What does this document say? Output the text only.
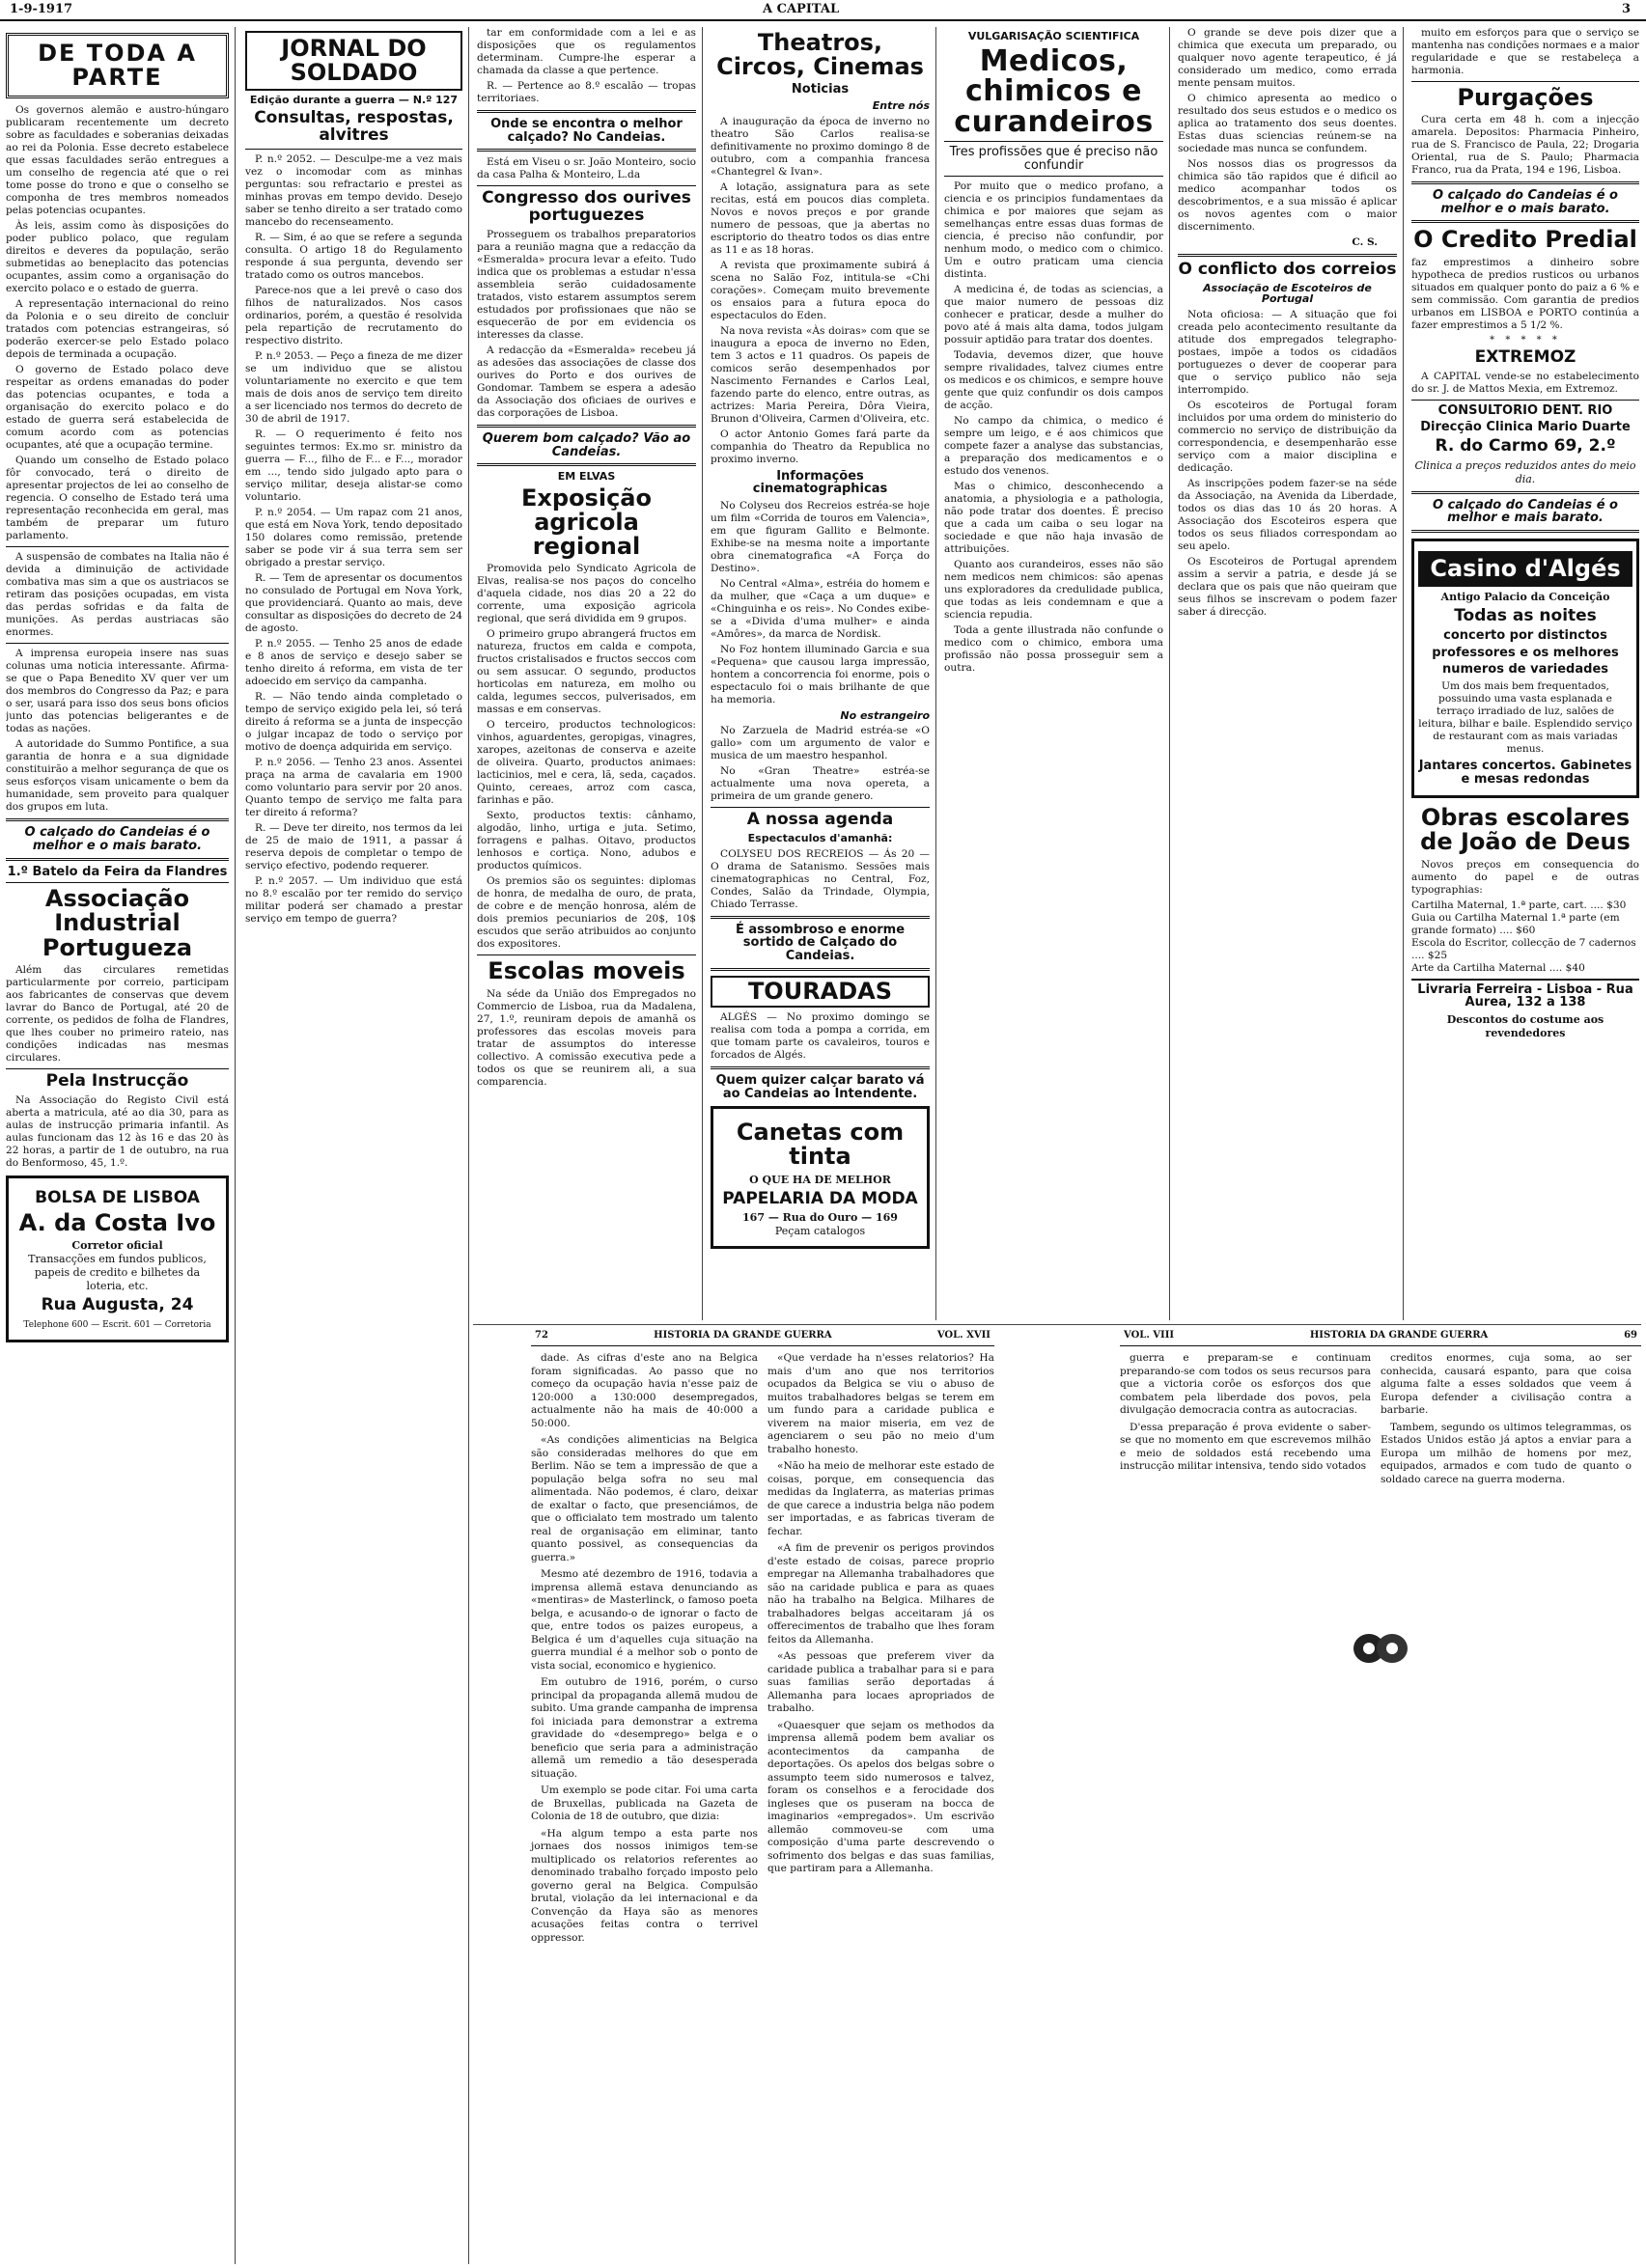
1-9-1917	A CAPITAL	3
DE TODA A PARTE

Os governos alemão e austro-húngaro publicaram recentemente um decreto sobre as faculdades e soberanias deixadas ao rei da Polonia. Esse decreto estabelece que essas faculdades serão entregues a um conselho de regencia até que o rei tome posse do trono e que o conselho se componha de tres membros nomeados pelas potencias ocupantes.

Às leis, assim como às disposições do poder publico polaco, que regulam direitos e deveres da população, serão submetidas ao beneplacito das potencias ocupantes, assim como a organisação do exercito polaco e o estado de guerra.

A representação internacional do reino da Polonia e o seu direito de concluir tratados com potencias estrangeiras, só poderão exercer-se pelo Estado polaco depois de terminada a ocupação.

O governo de Estado polaco deve respeitar as ordens emanadas do poder das potencias ocupantes, e toda a organisação do exercito polaco e do estado de guerra será estabelecida de comum acordo com as potencias ocupantes, até que a ocupação termine.

Quando um conselho de Estado polaco fôr convocado, terá o direito de apresentar projectos de lei ao conselho de regencia. O conselho de Estado terá uma representação reconhecida em geral, mas também de preparar um futuro parlamento.

A suspensão de combates na Italia não é devida a diminuição de actividade combativa mas sim a que os austriacos se retiram das posições ocupadas, em vista das perdas sofridas e da falta de munições. As perdas austriacas são enormes.

A imprensa europeia insere nas suas colunas uma noticia interessante. Afirma-se que o Papa Benedito XV quer ver um dos membros do Congresso da Paz; e para o ser, usará para isso dos seus bons oficios junto das potencias beligerantes e de todas as nações.

A autoridade do Summo Pontifice, a sua garantia de honra e a sua dignidade constituirão a melhor segurança de que os seus esforços visam unicamente o bem da humanidade, sem proveito para qualquer dos grupos em luta.

O calçado do Candeias é o melhor e o mais barato.
1.º Batelo da Feira da Flandres
Associação Industrial Portugueza

Além das circulares remetidas particularmente por correio, participam aos fabricantes de conservas que devem lavrar do Banco de Portugal, até 20 de corrente, os pedidos de folha de Flandres, que lhes couber no primeiro rateio, nas condições indicadas nas mesmas circulares.

Pela Instrucção

Na Associação do Registo Civil está aberta a matricula, até ao dia 30, para as aulas de instrucção primaria infantil. As aulas funcionam das 12 às 16 e das 20 às 22 horas, a partir de 1 de outubro, na rua do Benformoso, 45, 1.º.

BOLSA DE LISBOA
A. da Costa Ivo
Corretor oficial
Transacções em fundos publicos, papeis de credito e bilhetes da loteria, etc.
Rua Augusta, 24
Telephone 600 — Escrit. 601 — Corretoria
JORNAL DO SOLDADO
Edição durante a guerra — N.º 127
Consultas, respostas, alvitres

P. n.º 2052. — Desculpe-me a vez mais vez o incomodar com as minhas perguntas: sou refractario e prestei as minhas provas em tempo devido. Desejo saber se tenho direito a ser tratado como mancebo do recenseamento.

R. — Sim, é ao que se refere a segunda consulta. O artigo 18 do Regulamento responde á sua pergunta, devendo ser tratado como os outros mancebos.

Parece-nos que a lei prevê o caso dos filhos de naturalizados. Nos casos ordinarios, porém, a questão é resolvida pela repartição de recrutamento do respectivo distrito.

P. n.º 2053. — Peço a fineza de me dizer se um individuo que se alistou voluntariamente no exercito e que tem mais de dois anos de serviço tem direito a ser licenciado nos termos do decreto de 30 de abril de 1917.

R. — O requerimento é feito nos seguintes termos: Ex.mo sr. ministro da guerra — F..., filho de F... e F..., morador em ..., tendo sido julgado apto para o serviço militar, deseja alistar-se como voluntario.

P. n.º 2054. — Um rapaz com 21 anos, que está em Nova York, tendo depositado 150 dolares como remissão, pretende saber se pode vir á sua terra sem ser obrigado a prestar serviço.

R. — Tem de apresentar os documentos no consulado de Portugal em Nova York, que providenciará. Quanto ao mais, deve consultar as disposições do decreto de 24 de agosto.

P. n.º 2055. — Tenho 25 anos de edade e 8 anos de serviço e desejo saber se tenho direito á reforma, em vista de ter adoecido em serviço da campanha.

R. — Não tendo ainda completado o tempo de serviço exigido pela lei, só terá direito á reforma se a junta de inspecção o julgar incapaz de todo o serviço por motivo de doença adquirida em serviço.

P. n.º 2056. — Tenho 23 anos. Assentei praça na arma de cavalaria em 1900 como voluntario para servir por 20 anos. Quanto tempo de serviço me falta para ter direito á reforma?

R. — Deve ter direito, nos termos da lei de 25 de maio de 1911, a passar á reserva depois de completar o tempo de serviço efectivo, podendo requerer.

P. n.º 2057. — Um individuo que está no 8.º escalão por ter remido do serviço militar poderá ser chamado a prestar serviço em tempo de guerra?

tar em conformidade com a lei e as disposições que os regulamentos determinam. Cumpre-lhe esperar a chamada da classe a que pertence.

R. — Pertence ao 8.º escalão — tropas territoriaes.

Onde se encontra o melhor calçado? No Candeias.

Está em Viseu o sr. João Monteiro, socio da casa Palha & Monteiro, L.da

Congresso dos ourives portuguezes

Prosseguem os trabalhos preparatorios para a reunião magna que a redacção da «Esmeralda» procura levar a efeito. Tudo indica que os problemas a estudar n'essa assembleia serão cuidadosamente tratados, visto estarem assumptos serem estudados por profissionaes que não se esquecerão de por em evidencia os interesses da classe.

A redacção da «Esmeralda» recebeu já as adesões das associações de classe dos ourives do Porto e dos ourives de Gondomar. Tambem se espera a adesão da Associação dos oficiaes de ourives e das corporações de Lisboa.

Querem bom calçado? Vão ao Candeias.
EM ELVAS
Exposição agricola regional

Promovida pelo Syndicato Agricola de Elvas, realisa-se nos paços do concelho d'aquela cidade, nos dias 20 a 22 do corrente, uma exposição agricola regional, que será dividida em 9 grupos.

O primeiro grupo abrangerá fructos em natureza, fructos em calda e compota, fructos cristalisados e fructos seccos com ou sem assucar. O segundo, productos horticolas em natureza, em molho ou calda, legumes seccos, pulverisados, em massas e em conservas.

O terceiro, productos technologicos: vinhos, aguardentes, geropigas, vinagres, xaropes, azeitonas de conserva e azeite de oliveira. Quarto, productos animaes: lacticinios, mel e cera, lã, seda, caçados. Quinto, cereaes, arroz com casca, farinhas e pão.

Sexto, productos textis: cânhamo, algodão, linho, urtiga e juta. Setimo, forragens e palhas. Oitavo, productos lenhosos e cortiça. Nono, adubos e productos químicos.

Os premios são os seguintes: diplomas de honra, de medalha de ouro, de prata, de cobre e de menção honrosa, além de dois premios pecuniarios de 20$, 10$ escudos que serão atribuidos ao conjunto dos expositores.

Escolas moveis

Na séde da União dos Empregados no Commercio de Lisboa, rua da Madalena, 27, 1.º, reuniram depois de amanhã os professores das escolas moveis para tratar de assumptos do interesse collectivo. A comissão executiva pede a todos os que se reunirem ali, a sua comparencia.

Theatros, Circos, Cinemas
Noticias
Entre nós

A inauguração da época de inverno no theatro São Carlos realisa-se definitivamente no proximo domingo 8 de outubro, com a companhia francesa «Chantegrel & Ivan».

A lotação, assignatura para as sete recitas, está em poucos dias completa. Novos e novos preços e por grande numero de pessoas, que ja abertas no escriptorio do theatro todos os dias entre as 11 e as 18 horas.

A revista que proximamente subirá á scena no Salão Foz, intitula-se «Chi corações». Começam muito brevemente os ensaios para a futura epoca do espectaculos do Eden.

Na nova revista «Às doiras» com que se inaugura a epoca de inverno no Eden, tem 3 actos e 11 quadros. Os papeis de comicos serão desempenhados por Nascimento Fernandes e Carlos Leal, fazendo parte do elenco, entre outras, as actrizes: Maria Pereira, Dôra Vieira, Brunon d'Oliveira, Carmen d'Oliveira, etc.

O actor Antonio Gomes fará parte da companhia do Theatro da Republica no proximo inverno.

Informações cinematographicas

No Colyseu dos Recreios estréa-se hoje um film «Corrida de touros em Valencia», em que figuram Gallito e Belmonte. Exhibe-se na mesma noite a importante obra cinematografica «A Força do Destino».

No Central «Alma», estréia do homem e da mulher, que «Caça a um duque» e «Chinguinha e os reis». No Condes exibe-se a «Divida d'uma mulher» e ainda «Amôres», da marca de Nordisk.

No Foz hontem illuminado Garcia e sua «Pequena» que causou larga impressão, hontem a concorrencia foi enorme, pois o espectaculo foi o mais brilhante de que ha memoria.

No estrangeiro

No Zarzuela de Madrid estréa-se «O gallo» com um argumento de valor e musica de um maestro hespanhol.

No «Gran Theatre» estréa-se actualmente uma nova opereta, a primeira de um grande genero.

A nossa agenda
Espectaculos d'amanhã:

COLYSEU DOS RECREIOS — Ás 20 — O drama de Satanismo. Sessões mais cinematographicas no Central, Foz, Condes, Salão da Trindade, Olympia, Chiado Terrasse.

É assombroso e enorme sortido de Calçado do Candeias.
TOURADAS

ALGÉS — No proximo domingo se realisa com toda a pompa a corrida, em que tomam parte os cavaleiros, touros e forcados de Algés.

Quem quizer calçar barato vá ao Candeias ao Intendente.
Canetas com tinta
O QUE HA DE MELHOR
PAPELARIA DA MODA
167 — Rua do Ouro — 169
Peçam catalogos
VULGARISAÇÃO SCIENTIFICA
Medicos, chimicos e curandeiros
Tres profissões que é preciso não confundir

Por muito que o medico profano, a ciencia e os principios fundamentaes da chimica e por maiores que sejam as semelhanças entre essas duas formas de ciencia, é preciso não confundir, por nenhum modo, o medico com o chimico. Um e outro praticam uma ciencia distinta.

A medicina é, de todas as sciencias, a que maior numero de pessoas diz conhecer e praticar, desde a mulher do povo até á mais alta dama, todos julgam possuir aptidão para tratar dos doentes.

Todavia, devemos dizer, que houve sempre rivalidades, talvez ciumes entre os medicos e os chimicos, e sempre houve gente que quiz confundir os dois campos de acção.

No campo da chimica, o medico é sempre um leigo, e é aos chimicos que compete fazer a analyse das substancias, a preparação dos medicamentos e o estudo dos venenos.

Mas o chimico, desconhecendo a anatomia, a physiologia e a pathologia, não pode tratar dos doentes. É preciso que a cada um caiba o seu logar na sociedade e que não haja invasão de attribuições.

Quanto aos curandeiros, esses não são nem medicos nem chimicos: são apenas uns exploradores da credulidade publica, que todas as leis condemnam e que a sciencia repudia.

Toda a gente illustrada não confunde o medico com o chimico, embora uma profissão não possa prosseguir sem a outra.

O grande se deve pois dizer que a chimica que executa um preparado, ou qualquer novo agente terapeutico, é já considerado um medico, como errada mente pensam muitos.

O chimico apresenta ao medico o resultado dos seus estudos e o medico os aplica ao tratamento dos seus doentes. Estas duas sciencias reúnem-se na sociedade mas nunca se confundem.

Nos nossos dias os progressos da chimica são tão rapidos que é dificil ao medico acompanhar todos os descobrimentos, e a sua missão é aplicar os novos agentes com o maior discernimento.

C. S.
O conflicto dos correios
Associação de Escoteiros de Portugal

Nota oficiosa: — A situação que foi creada pelo acontecimento resultante da atitude dos empregados telegrapho-postaes, impõe a todos os cidadãos portuguezes o dever de cooperar para que o serviço publico não seja interrompido.

Os escoteiros de Portugal foram incluidos por uma ordem do ministerio do commercio no serviço de distribuição da correspondencia, e desempenharão esse serviço com a maior disciplina e dedicação.

As inscripções podem fazer-se na séde da Associação, na Avenida da Liberdade, todos os dias das 10 ás 20 horas. A Associação dos Escoteiros espera que todos os seus filiados correspondam ao seu apelo.

Os Escoteiros de Portugal aprendem assim a servir a patria, e desde já se declara que os pais que não queiram que seus filhos se inscrevam o podem fazer saber á direcção.

muito em esforços para que o serviço se mantenha nas condições normaes e a maior regularidade e que se restabeleça a harmonia.

Purgações

Cura certa em 48 h. com a injecção amarela. Depositos: Pharmacia Pinheiro, rua de S. Francisco de Paula, 22; Drogaria Oriental, rua de S. Paulo; Pharmacia Franco, rua da Prata, 194 e 196, Lisboa.

O calçado do Candeias é o melhor e o mais barato.
O Credito Predial

faz emprestimos a dinheiro sobre hypotheca de predios rusticos ou urbanos situados em qualquer ponto do paiz a 6 % e sem commissão. Com garantia de predios urbanos em LISBOA e PORTO continúa a fazer emprestimos a 5 1/2 %.

* * * * *
EXTREMOZ

A CAPITAL vende-se no estabelecimento do sr. J. de Mattos Mexia, em Extremoz.

CONSULTORIO DENT. RIO
Direcção Clinica Mario Duarte
R. do Carmo 69, 2.º
Clinica a preços reduzidos antes do meio dia.
O calçado do Candeias é o melhor e mais barato.
Casino d'Algés
Antigo Palacio da Conceição
Todas as noites
concerto por distinctos
professores e os melhores
numeros de variedades

Um dos mais bem frequentados, possuindo uma vasta esplanada e terraço irradiado de luz, salões de leitura, bilhar e baile. Esplendido serviço de restaurant com as mais variadas menus.

Jantares concertos. Gabinetes e mesas redondas
Obras escolares de João de Deus

Novos preços em consequencia do aumento do papel e de outras typographias:

Cartilha Maternal, 1.ª parte, cart. .... $30
Guia ou Cartilha Maternal 1.ª parte (em grande formato) .... $60
Escola do Escritor, collecção de 7 cadernos .... $25
Arte da Cartilha Maternal .... $40
Livraria Ferreira - Lisboa - Rua Aurea, 132 a 138
Descontos do costume aos revendedores
72	HISTORIA DA GRANDE GUERRA	VOL. XVII

dade. As cifras d'este ano na Belgica foram significadas. Ao passo que no começo da ocupação havia n'esse paiz de 120:000 a 130:000 desempregados, actualmente não ha mais de 40:000 a 50:000.

«As condições alimenticias na Belgica são consideradas melhores do que em Berlim. Não se tem a impressão de que a população belga sofra no seu mal alimentada. Não podemos, é claro, deixar de exaltar o facto, que presenciámos, de que o officialato tem mostrado um talento real de organisação em eliminar, tanto quanto possivel, as consequencias da guerra.»

Mesmo até dezembro de 1916, todavia a imprensa allemã estava denunciando as «mentiras» de Masterlinck, o famoso poeta belga, e acusando-o de ignorar o facto de que, entre todos os paizes europeus, a Belgica é um d'aquelles cuja situação na guerra mundial é a melhor sob o ponto de vista social, economico e hygienico.

Em outubro de 1916, porém, o curso principal da propaganda allemã mudou de subito. Uma grande campanha de imprensa foi iniciada para demonstrar a extrema gravidade do «desemprego» belga e o beneficio que seria para a administração allemã um remedio a tão desesperada situação.

Um exemplo se pode citar. Foi uma carta de Bruxellas, publicada na Gazeta de Colonia de 18 de outubro, que dizia:

«Ha algum tempo a esta parte nos jornaes dos nossos inimigos tem-se multiplicado os relatorios referentes ao denominado trabalho forçado imposto pelo governo geral na Belgica. Compulsão brutal, violação da lei internacional e da Convenção da Haya são as menores acusações feitas contra o terrivel oppressor.

«Que verdade ha n'esses relatorios? Ha mais d'um ano que nos territorios ocupados da Belgica se viu o abuso de muitos trabalhadores belgas se terem em um fundo para a caridade publica e viverem na maior miseria, em vez de agenciarem o seu pão no meio d'um trabalho honesto.

«Não ha meio de melhorar este estado de coisas, porque, em consequencia das medidas da Inglaterra, as materias primas de que carece a industria belga não podem ser importadas, e as fabricas tiveram de fechar.

«A fim de prevenir os perigos provindos d'este estado de coisas, parece proprio empregar na Allemanha trabalhadores que são na caridade publica e para as quaes não ha trabalho na Belgica. Milhares de trabalhadores belgas acceitaram já os offerecimentos de trabalho que lhes foram feitos da Allemanha.

«As pessoas que preferem viver da caridade publica a trabalhar para si e para suas familias serão deportadas á Allemanha para locaes apropriados de trabalho.

«Quaesquer que sejam os methodos da imprensa allemã podem bem avaliar os acontecimentos da campanha de deportações. Os apelos dos belgas sobre o assumpto teem sido numerosos e talvez, foram os conselhos e a ferocidade dos ingleses que os puseram na bocca de imaginarios «empregados». Um escrivão allemão commoveu-se com uma composição d'uma parte descrevendo o sofrimento dos belgas e das suas familias, que partiram para a Allemanha.

VOL. VIII	HISTORIA DA GRANDE GUERRA	69

guerra e preparam-se e continuam preparando-se com todos os seus recursos para que a victoria corôe os esforços dos que combatem pela liberdade dos povos, pela divulgação democracia contra as autocracias.

D'essa preparação é prova evidente o saber-se que no momento em que escrevemos milhão e meio de soldados está recebendo uma instrucção militar intensiva, tendo sido votados

creditos enormes, cuja soma, ao ser conhecida, causará espanto, para que coisa alguma falte a esses soldados que veem á Europa defender a civilisação contra a barbarie.

Tambem, segundo os ultimos telegrammas, os Estados Unidos estão já aptos a enviar para a Europa um milhão de homens por mez, equipados, armados e com tudo de quanto o soldado carece na guerra moderna.
